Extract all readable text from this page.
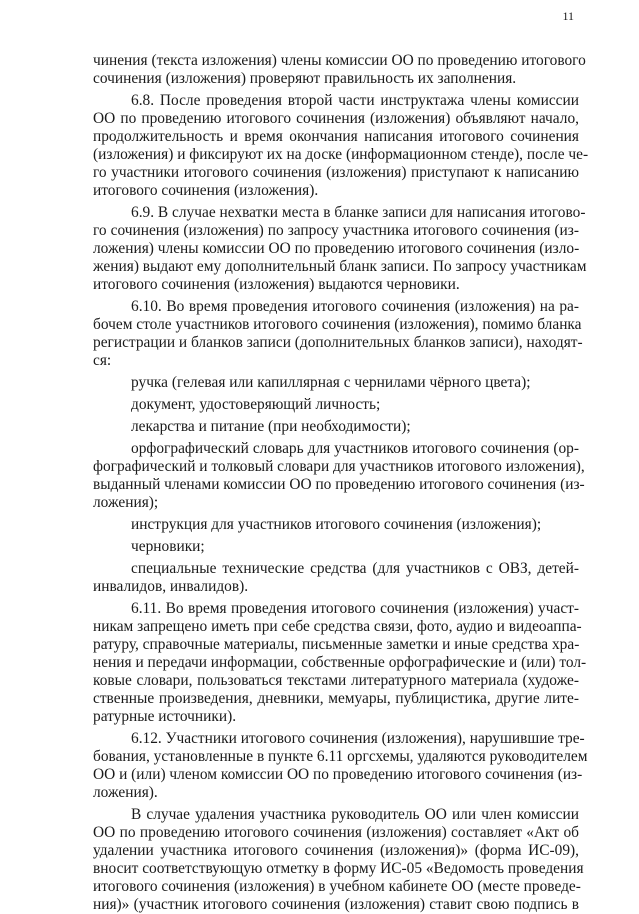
11
чинения (текста изложения) члены комиссии ОО по проведению итогового
сочинения (изложения) проверяют правильность их заполнения.
6.8. После проведения второй части инструктажа члены комиссии
ОО по проведению итогового сочинения (изложения) объявляют начало,
продолжительность и время окончания написания итогового сочинения
(изложения) и фиксируют их на доске (информационном стенде), после че-
го участники итогового сочинения (изложения) приступают к написанию
итогового сочинения (изложения).
6.9. В случае нехватки места в бланке записи для написания итогово-
го сочинения (изложения) по запросу участника итогового сочинения (из-
ложения) члены комиссии ОО по проведению итогового сочинения (изло-
жения) выдают ему дополнительный бланк записи. По запросу участникам
итогового сочинения (изложения) выдаются черновики.
6.10. Во время проведения итогового сочинения (изложения) на ра-
бочем столе участников итогового сочинения (изложения), помимо бланка
регистрации и бланков записи (дополнительных бланков записи), находят-
ся:
ручка (гелевая или капиллярная с чернилами чёрного цвета);
документ, удостоверяющий личность;
лекарства и питание (при необходимости);
орфографический словарь для участников итогового сочинения (ор-
фографический и толковый словари для участников итогового изложения),
выданный членами комиссии ОО по проведению итогового сочинения (из-
ложения);
инструкция для участников итогового сочинения (изложения);
черновики;
специальные технические средства (для участников с ОВЗ, детей-
инвалидов, инвалидов).
6.11. Во время проведения итогового сочинения (изложения) участ-
никам запрещено иметь при себе средства связи, фото, аудио и видеоаппа-
ратуру, справочные материалы, письменные заметки и иные средства хра-
нения и передачи информации, собственные орфографические и (или) тол-
ковые словари, пользоваться текстами литературного материала (художе-
ственные произведения, дневники, мемуары, публицистика, другие лите-
ратурные источники).
6.12. Участники итогового сочинения (изложения), нарушившие тре-
бования, установленные в пункте 6.11 оргсхемы, удаляются руководителем
ОО и (или) членом комиссии ОО по проведению итогового сочинения (из-
ложения).
В случае удаления участника руководитель ОО или член комиссии
ОО по проведению итогового сочинения (изложения) составляет «Акт об
удалении участника итогового сочинения (изложения)» (форма ИС-09),
вносит соответствующую отметку в форму ИС-05 «Ведомость проведения
итогового сочинения (изложения) в учебном кабинете ОО (месте проведе-
ния)» (участник итогового сочинения (изложения) ставит свою подпись в
